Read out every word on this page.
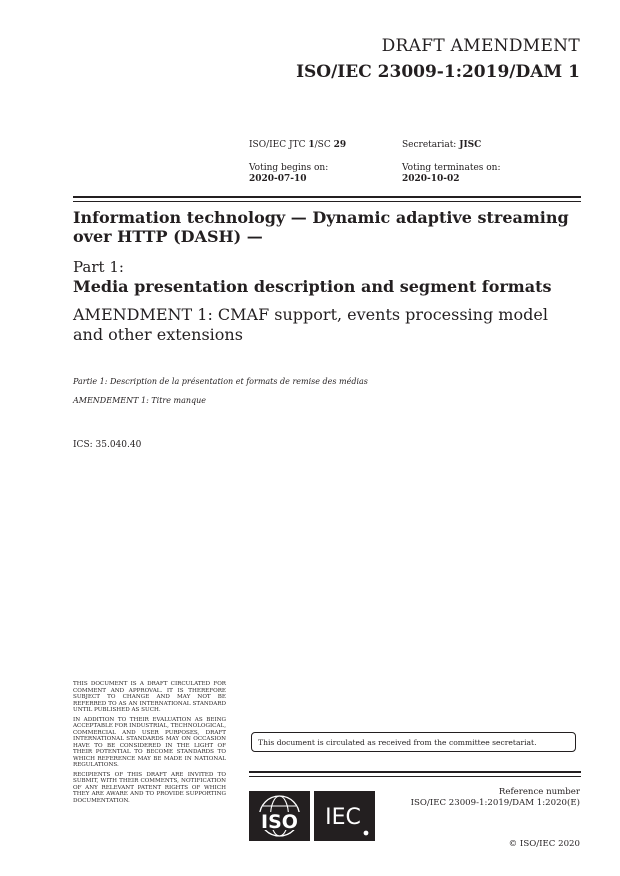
DRAFT AMENDMENT
ISO/IEC 23009-1:2019/DAM 1
ISO/IEC JTC 1/SC 29	Secretariat: JISC
Voting begins on:
2020-07-10
Voting terminates on:
2020-10-02
Information technology — Dynamic adaptive streaming over HTTP (DASH) —
Part 1:
Media presentation description and segment formats
AMENDMENT 1: CMAF support, events processing model and other extensions
Partie 1: Description de la présentation et formats de remise des médias
AMENDEMENT 1: Titre manque
ICS: 35.040.40

THIS DOCUMENT IS A DRAFT CIRCULATED FOR COMMENT AND APPROVAL. IT IS THEREFORE SUBJECT TO CHANGE AND MAY NOT BE REFERRED TO AS AN INTERNATIONAL STANDARD UNTIL PUBLISHED AS SUCH.

IN ADDITION TO THEIR EVALUATION AS BEING ACCEPTABLE FOR INDUSTRIAL, TECHNOLOGICAL, COMMERCIAL AND USER PURPOSES, DRAFT INTERNATIONAL STANDARDS MAY ON OCCASION HAVE TO BE CONSIDERED IN THE LIGHT OF THEIR POTENTIAL TO BECOME STANDARDS TO WHICH REFERENCE MAY BE MADE IN NATIONAL REGULATIONS.

RECIPIENTS OF THIS DRAFT ARE INVITED TO SUBMIT, WITH THEIR COMMENTS, NOTIFICATION OF ANY RELEVANT PATENT RIGHTS OF WHICH THEY ARE AWARE AND TO PROVIDE SUPPORTING DOCUMENTATION.

This document is circulated as received from the committee secretariat.
ISO IEC
Reference number
ISO/IEC 23009-1:2019/DAM 1:2020(E)
© ISO/IEC 2020
